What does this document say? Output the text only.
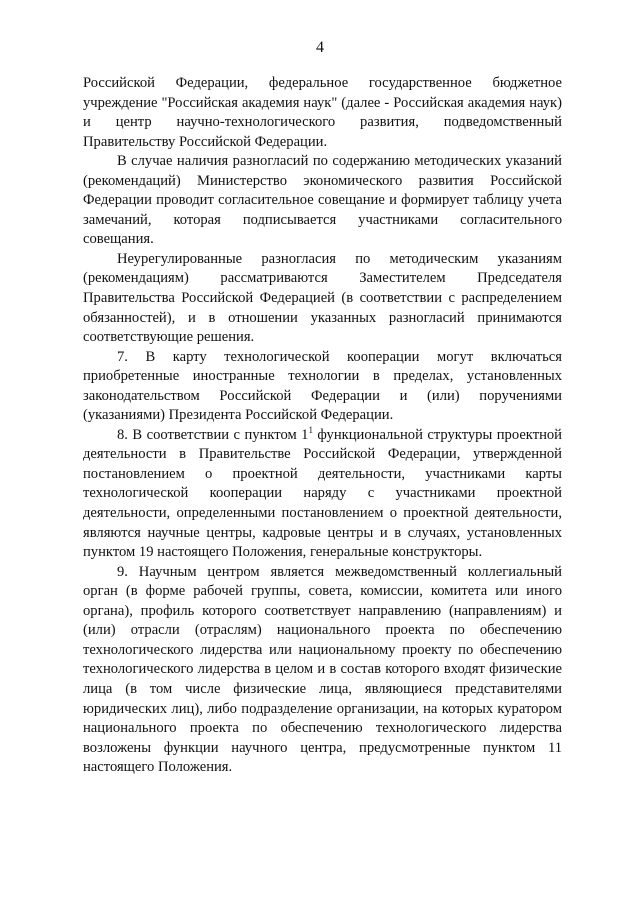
4

Российской Федерации, федеральное государственное бюджетное учреждение "Российская академия наук" (далее - Российская академия наук) и центр научно-технологического развития, подведомственный Правительству Российской Федерации.

В случае наличия разногласий по содержанию методических указаний (рекомендаций) Министерство экономического развития Российской Федерации проводит согласительное совещание и формирует таблицу учета замечаний, которая подписывается участниками согласительного совещания.

Неурегулированные разногласия по методическим указаниям (рекомендациям) рассматриваются Заместителем Председателя Правительства Российской Федерацией (в соответствии с распределением обязанностей), и в отношении указанных разногласий принимаются соответствующие решения.

7. В карту технологической кооперации могут включаться приобретенные иностранные технологии в пределах, установленных законодательством Российской Федерации и (или) поручениями (указаниями) Президента Российской Федерации.

8. В соответствии с пунктом $1^1$ функциональной структуры проектной деятельности в Правительстве Российской Федерации, утвержденной постановлением о проектной деятельности, участниками карты технологической кооперации наряду с участниками проектной деятельности, определенными постановлением о проектной деятельности, являются научные центры, кадровые центры и в случаях, установленных пунктом 19 настоящего Положения, генеральные конструкторы.

9. Научным центром является межведомственный коллегиальный орган (в форме рабочей группы, совета, комиссии, комитета или иного органа), профиль которого соответствует направлению (направлениям) и (или) отрасли (отраслям) национального проекта по обеспечению технологического лидерства или национальному проекту по обеспечению технологического лидерства в целом и в состав которого входят физические лица (в том числе физические лица, являющиеся представителями юридических лиц), либо подразделение организации, на которых куратором национального проекта по обеспечению технологического лидерства возложены функции научного центра, предусмотренные пунктом 11 настоящего Положения.
